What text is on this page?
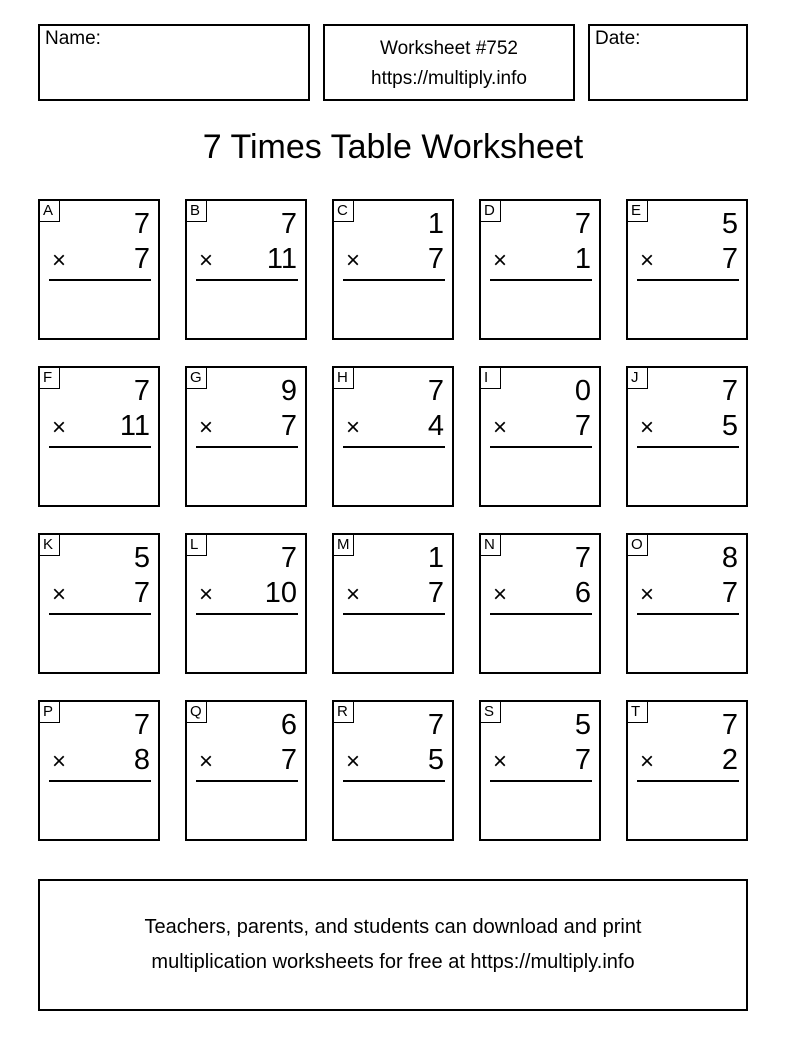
Name:	Worksheet #752
https://multiply.info
Date:
7 Times Table Worksheet
A	7
× 7
B	7
× 11
C	1
× 7
D	7
× 1
E	5
× 7
F	7
× 11
G	9
× 7
H	7
× 4
I	0
× 7
J	7
× 5
K	5
× 7
L	7
× 10
M	1
× 7
N	7
× 6
O	8
× 7
P	7
× 8
Q	6
× 7
R	7
× 5
S	5
× 7
T	7
× 2
Teachers, parents, and students can download and print
multiplication worksheets for free at https://multiply.info
